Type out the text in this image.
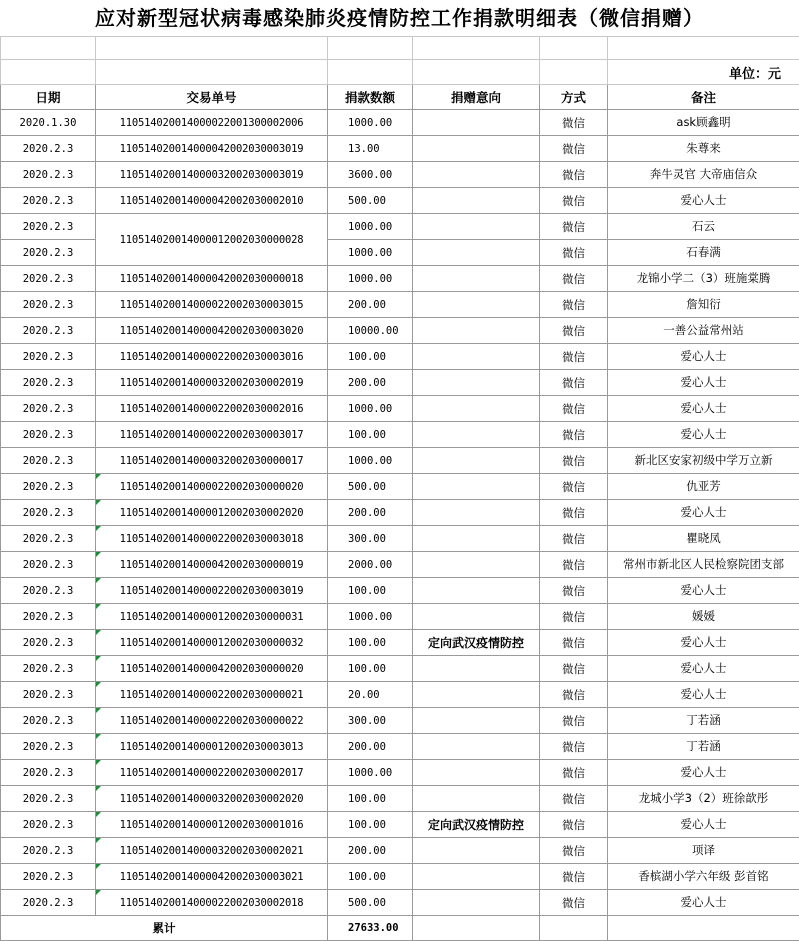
应对新型冠状病毒感染肺炎疫情防控工作捐款明细表（微信捐赠）

					单位：元
日期	交易单号	捐款数额	捐赠意向	方式	备注
2020.1.30	110514020014000022001300002006	1000.00		微信	ask顾鑫明
2020.2.3	110514020014000042002030003019	13.00		微信	朱尊来
2020.2.3	110514020014000032002030003019	3600.00		微信	奔牛灵官 大帝庙信众
2020.2.3	110514020014000042002030002010	500.00		微信	爱心人士
2020.2.3	110514020014000012002030000028	1000.00		微信	石云
2020.2.3		1000.00		微信	石春满
2020.2.3	110514020014000042002030000018	1000.00		微信	龙锦小学二（3）班施棠腾
2020.2.3	110514020014000022002030003015	200.00		微信	詹知衍
2020.2.3	110514020014000042002030003020	10000.00		微信	一善公益常州站
2020.2.3	110514020014000022002030003016	100.00		微信	爱心人士
2020.2.3	110514020014000032002030002019	200.00		微信	爱心人士
2020.2.3	110514020014000022002030002016	1000.00		微信	爱心人士
2020.2.3	110514020014000022002030003017	100.00		微信	爱心人士
2020.2.3	110514020014000032002030000017	1000.00		微信	新北区安家初级中学万立新
2020.2.3	110514020014000022002030000020	500.00		微信	仇亚芳
2020.2.3	110514020014000012002030002020	200.00		微信	爱心人士
2020.2.3	110514020014000022002030003018	300.00		微信	瞿晓凤
2020.2.3	110514020014000042002030000019	2000.00		微信	常州市新北区人民检察院团支部
2020.2.3	110514020014000022002030003019	100.00		微信	爱心人士
2020.2.3	110514020014000012002030000031	1000.00		微信	媛媛
2020.2.3	110514020014000012002030000032	100.00	定向武汉疫情防控	微信	爱心人士
2020.2.3	110514020014000042002030000020	100.00		微信	爱心人士
2020.2.3	110514020014000022002030000021	20.00		微信	爱心人士
2020.2.3	110514020014000022002030000022	300.00		微信	丁若涵
2020.2.3	110514020014000012002030003013	200.00		微信	丁若涵
2020.2.3	110514020014000022002030002017	1000.00		微信	爱心人士
2020.2.3	110514020014000032002030002020	100.00		微信	龙城小学3（2）班徐歆彤
2020.2.3	110514020014000012002030001016	100.00	定向武汉疫情防控	微信	爱心人士
2020.2.3	110514020014000032002030002021	200.00		微信	项译
2020.2.3	110514020014000042002030003021	100.00		微信	香槟湖小学六年级 彭首铭
2020.2.3	110514020014000022002030002018	500.00		微信	爱心人士
累计		27633.00			
